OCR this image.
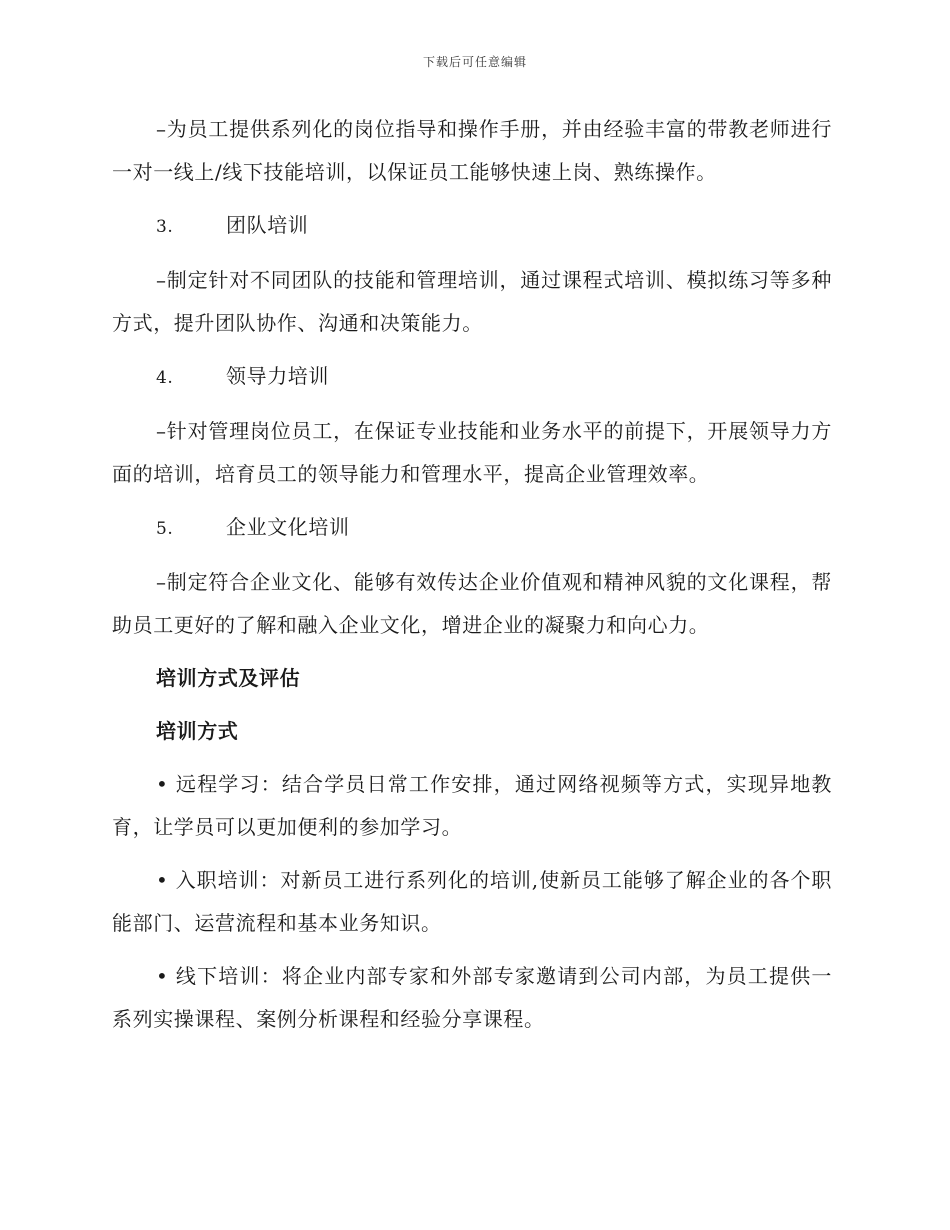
下载后可任意编辑

–为员工提供系列化的岗位指导和操作手册，并由经验丰富的带教老师进行一对一线上/线下技能培训，以保证员工能够快速上岗、熟练操作。

3.	团队培训

–制定针对不同团队的技能和管理培训，通过课程式培训、模拟练习等多种方式，提升团队协作、沟通和决策能力。

4.	领导力培训

–针对管理岗位员工，在保证专业技能和业务水平的前提下，开展领导力方面的培训，培育员工的领导能力和管理水平，提高企业管理效率。

5.	企业文化培训

–制定符合企业文化、能够有效传达企业价值观和精神风貌的文化课程，帮助员工更好的了解和融入企业文化，增进企业的凝聚力和向心力。

培训方式及评估
培训方式

• 远程学习：结合学员日常工作安排，通过网络视频等方式，实现异地教育，让学员可以更加便利的参加学习。

• 入职培训：对新员工进行系列化的培训,使新员工能够了解企业的各个职能部门、运营流程和基本业务知识。

• 线下培训：将企业内部专家和外部专家邀请到公司内部，为员工提供一系列实操课程、案例分析课程和经验分享课程。
